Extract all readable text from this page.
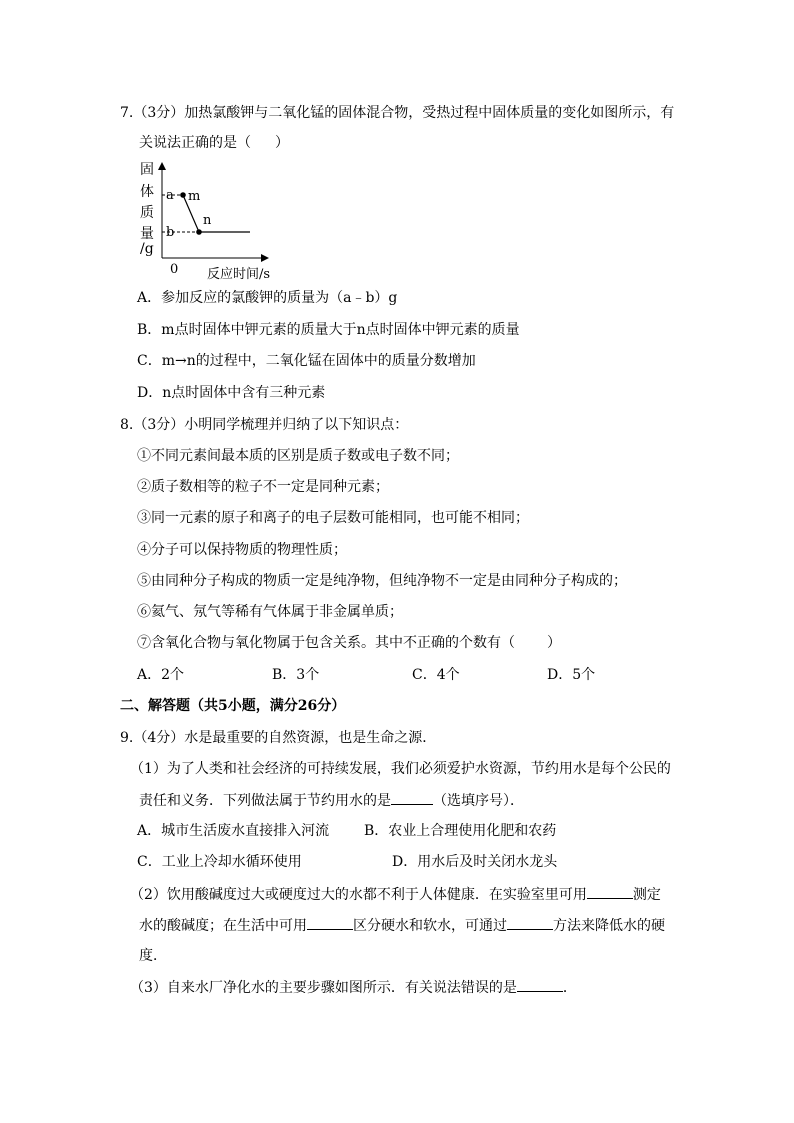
7.（3分）加热氯酸钾与二氧化锰的固体混合物，受热过程中固体质量的变化如图所示，有
关说法正确的是（ ）
固
体
质
量
/g
a
b
m
n
0 反应时间/s
A．参加反应的氯酸钾的质量为（a﹣b）g
B．m点时固体中钾元素的质量大于n点时固体中钾元素的质量
C．m→n的过程中，二氧化锰在固体中的质量分数增加
D．n点时固体中含有三种元素
8.（3分）小明同学梳理并归纳了以下知识点：
①不同元素间最本质的区别是质子数或电子数不同；
②质子数相等的粒子不一定是同种元素；
③同一元素的原子和离子的电子层数可能相同，也可能不相同；
④分子可以保持物质的物理性质；
⑤由同种分子构成的物质一定是纯净物，但纯净物不一定是由同种分子构成的；
⑥氦气、氖气等稀有气体属于非金属单质；
⑦含氧化合物与氧化物属于包含关系。其中不正确的个数有（ ）
A．2个	B．3个	C．4个	D．5个
二、解答题（共5小题，满分26分）
9.（4分）水是最重要的自然资源，也是生命之源．
（1）为了人类和社会经济的可持续发展，我们必须爱护水资源，节约用水是每个公民的
责任和义务．下列做法属于节约用水的是	（选填序号）．
A．城市生活废水直接排入河流 B．农业上合理使用化肥和农药
C．工业上冷却水循环使用	D．用水后及时关闭水龙头
（2）饮用酸碱度过大或硬度过大的水都不利于人体健康．在实验室里可用	测定
水的酸碱度；在生活中可用	区分硬水和软水，可通过	方法来降低水的硬
度．
（3）自来水厂净化水的主要步骤如图所示．有关说法错误的是	．
